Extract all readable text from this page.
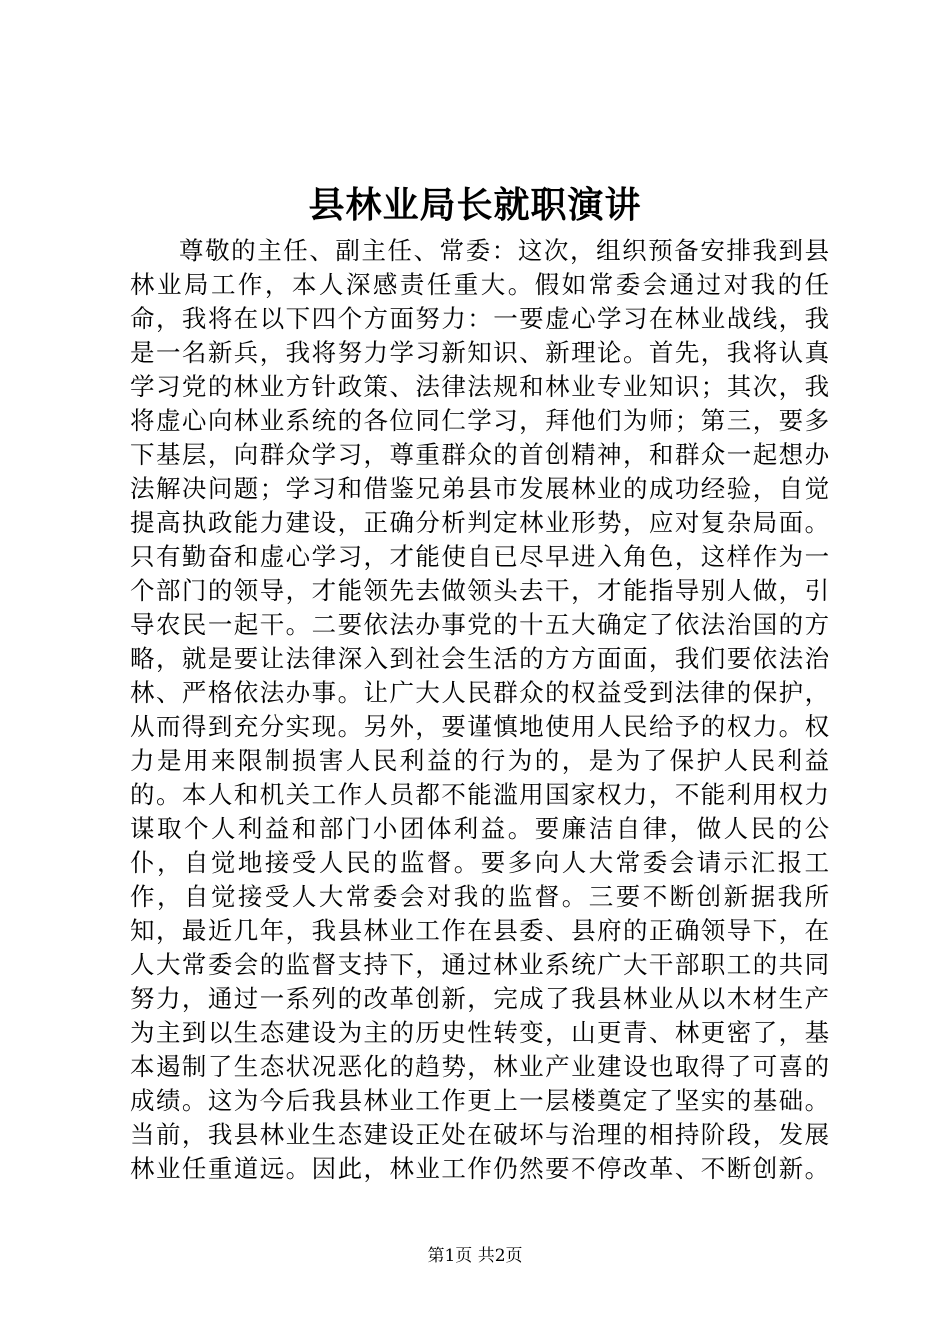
县林业局长就职演讲

尊敬的主任、副主任、常委：这次，组织预备安排我到县林业局工作，本人深感责任重大。假如常委会通过对我的任命，我将在以下四个方面努力：一要虚心学习在林业战线，我是一名新兵，我将努力学习新知识、新理论。首先，我将认真学习党的林业方针政策、法律法规和林业专业知识；其次，我将虚心向林业系统的各位同仁学习，拜他们为师；第三，要多下基层，向群众学习，尊重群众的首创精神，和群众一起想办法解决问题；学习和借鉴兄弟县市发展林业的成功经验，自觉提高执政能力建设，正确分析判定林业形势，应对复杂局面。只有勤奋和虚心学习，才能使自已尽早进入角色，这样作为一个部门的领导，才能领先去做领头去干，才能指导别人做，引导农民一起干。二要依法办事党的十五大确定了依法治国的方略，就是要让法律深入到社会生活的方方面面，我们要依法治林、严格依法办事。让广大人民群众的权益受到法律的保护，从而得到充分实现。另外，要谨慎地使用人民给予的权力。权力是用来限制损害人民利益的行为的，是为了保护人民利益的。本人和机关工作人员都不能滥用国家权力，不能利用权力谋取个人利益和部门小团体利益。要廉洁自律，做人民的公仆，自觉地接受人民的监督。要多向人大常委会请示汇报工作，自觉接受人大常委会对我的监督。三要不断创新据我所知，最近几年，我县林业工作在县委、县府的正确领导下，在人大常委会的监督支持下，通过林业系统广大干部职工的共同努力，通过一系列的改革创新，完成了我县林业从以木材生产为主到以生态建设为主的历史性转变，山更青、林更密了，基本遏制了生态状况恶化的趋势，林业产业建设也取得了可喜的成绩。这为今后我县林业工作更上一层楼奠定了坚实的基础。当前，我县林业生态建设正处在破坏与治理的相持阶段，发展林业任重道远。因此，林业工作仍然要不停改革、不断创新。

第1页 共2页
